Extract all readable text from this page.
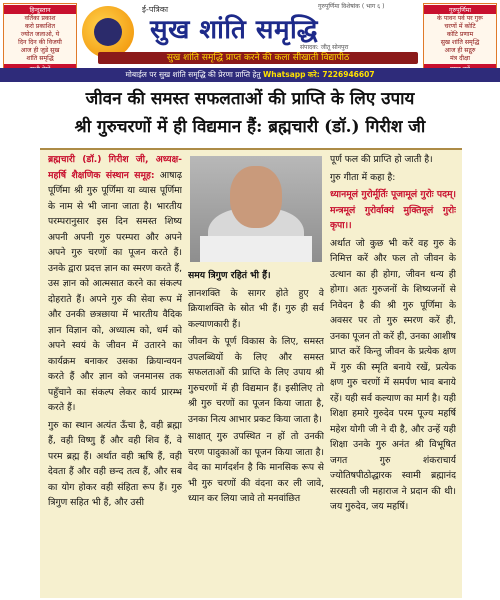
हिन्दुस्तान
वर्तिका प्रकाश
करो प्रकाशित
ज्योत जलाओ, ये
दिन दिन की विजयी
आज ही जुडे सुख
शांति समृद्धि
गुरुपूर्णिमा विशेषांक ( भाग ६ )
ई-पत्रिका
सुख शांति समृद्धि
संपादक: जीतू सोनपुरा
सुख शांति समृद्धि प्राप्त करने की कला सीखाती विद्यापीठ
गुरुपूर्णिमा
के पावन पर्व पर गुरू
चरणों में कोटि
कोटि प्रणाम
सुख शांति समृद्धि
आज ही सद्गुरु
मंत्र दीक्षा
मोबाईल पर सुख शांति समृद्धि की प्रेरणा प्राप्ति हेतु Whatsapp करे: 7226946607
जीवन की समस्त सफलताओं की प्राप्ति के लिए उपाय
श्री गुरुचरणों में ही विद्यमान हैं: ब्रह्मचारी (डॉ.) गिरीश जी

ब्रह्मचारी (डॉ.) गिरीश जी, अध्यक्ष-महर्षि शैक्षणिक संस्थान समूह: आषाढ़ पूर्णिमा श्री गुरु पूर्णिमा या व्यास पूर्णिमा के नाम से भी जाना जाता है। भारतीय परम्परानुसार इस दिन समस्त शिष्य अपनी अपनी गुरु परम्परा और अपने अपने गुरु चरणों का पूजन करते हैं। उनके द्वारा प्रदत्त ज्ञान का स्मरण करते हैं, उस ज्ञान को आत्मसात करने का संकल्प दोहराते हैं। अपने गुरु की सेवा रूप में और उनकी छत्रछाया में भारतीय वैदिक ज्ञान विज्ञान को, अध्यात्म को, धर्म को अपने स्वयं के जीवन में उतारने का कार्यक्रम बनाकर उसका क्रियान्वयन करते हैं और ज्ञान को जनमानस तक पहुँचाने का संकल्प लेकर कार्य प्रारम्भ करते हैं।

गुरु का स्थान अत्यंत ऊँचा है, वही ब्रह्मा हैं, वही विष्णु हैं और वही शिव हैं, वे परम ब्रह्म हैं। अर्थात वही ऋषि हैं, वही देवता हैं और वही छन्द तत्व हैं, और सब का योग होकर वही संहिता रूप हैं। गुरु त्रिगुण सहित भी हैं, और उसी

समय त्रिगुण रहितं भी हैं।

ज्ञानशक्ति के सागर होते हुए वे क्रियाशक्ति के स्रोत भी हैं। गुरु ही सर्व कल्याणकारी हैं।

जीवन के पूर्ण विकास के लिए, समस्त उपलब्धियों के लिए और समस्त सफलताओं की प्राप्ति के लिए उपाय श्री गुरुचरणों में ही विद्यमान हैं। इसीलिए तो श्री गुरु चरणों का पूजन किया जाता है, उनका नित्य आभार प्रकट किया जाता है।

साक्षात् गुरु उपस्थित न हों तो उनकी चरण पादुकाओं का पूजन किया जाता है। वेद का मार्गदर्शन है कि मानसिक रूप से भी गुरु चरणों की वंदना कर ली जावे, ध्यान कर लिया जावे तो मनवांछित

पूर्ण फल की प्राप्ति हो जाती है।

गुरु गीता में कहा है:

ध्यानमूलं गुरोर्मूर्तिः पूजामूलं गुरोः पदम्। मन्त्रमूलं गुरोर्वाक्यं मुक्तिमूलं गुरोः कृपा।।

अर्थात जो कुछ भी करें वह गुरु के निमित्त करें और फल तो जीवन के उत्थान का ही होगा, जीवन धन्य ही होगा। अतः गुरुजनों के शिष्यजनों से निवेदन है की श्री गुरु पूर्णिमा के अवसर पर तो गुरु स्मरण करें ही, उनका पूजन तो करें ही, उनका आशीष प्राप्त करें किन्तु जीवन के प्रत्येक क्षण में गुरु की स्मृति बनाये रखें, प्रत्येक क्षण गुरु चरणों में समर्पण भाव बनाये रहें। यही सर्व कल्याण का मार्ग है। यही शिक्षा हमारे गुरुदेव परम पूज्य महर्षि महेश योगी जी ने दी है, और उन्हें यही शिक्षा उनके गुरु अनंत श्री विभूषित जगत गुरु शंकराचार्य ज्योतिषपीठोद्धारक स्वामी ब्रह्मानंद सरस्वती जी महाराज ने प्रदान की थी। जय गुरुदेव, जय महर्षि।
